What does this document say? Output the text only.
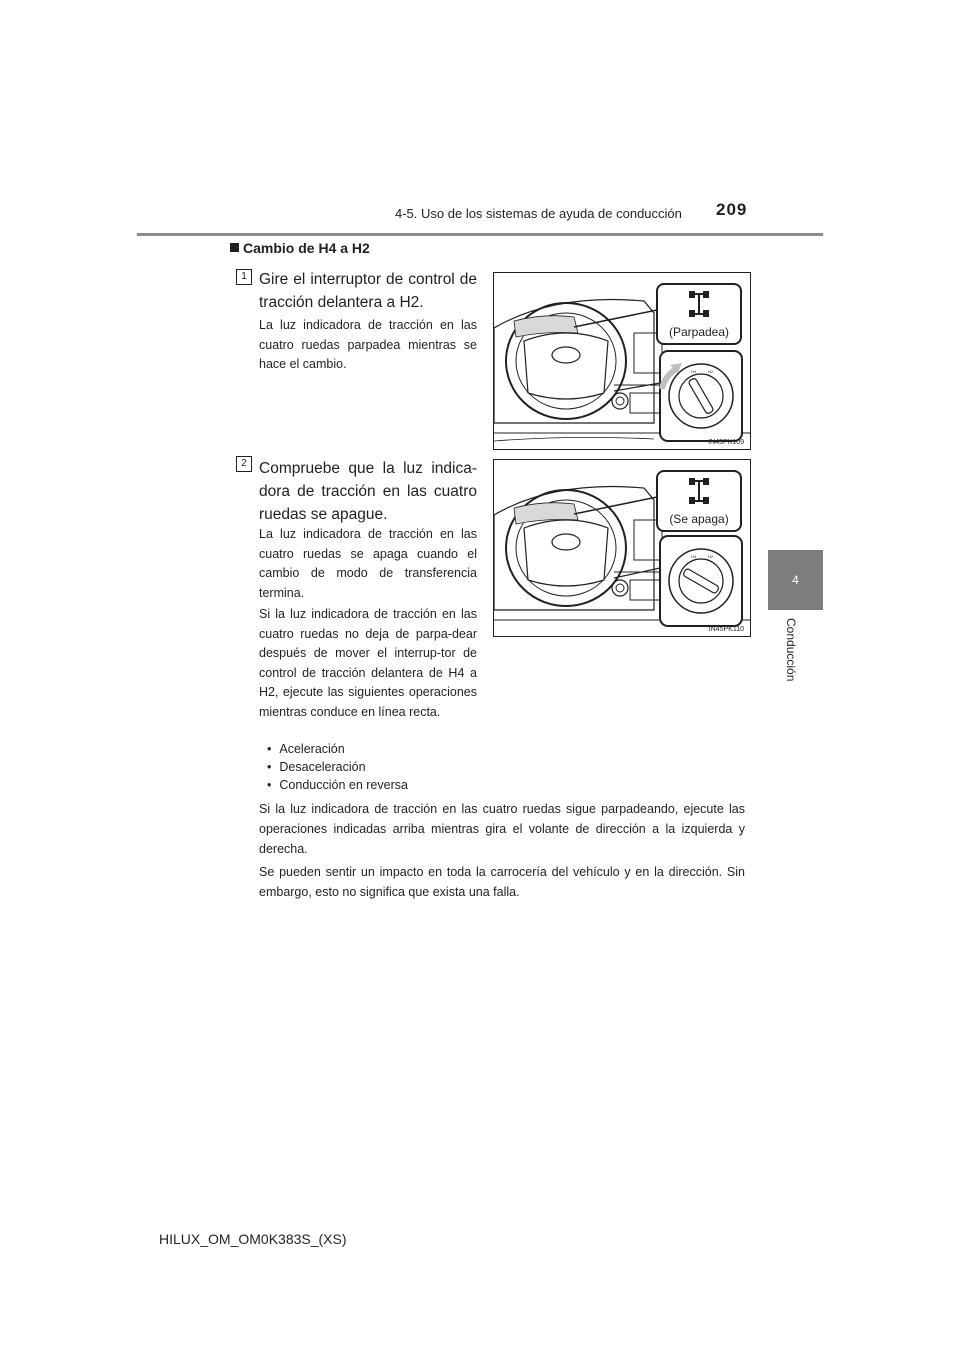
4-5. Uso de los sistemas de ayuda de conducción 209
4
Conducción
Cambio de H4 a H2
1 Gire el interruptor de control de tracción delantera a H2.
La luz indicadora de tracción en las cuatro ruedas parpadea mientras se hace el cambio.
H4	H2
(Parpadea)
IN45PK109
2 Compruebe que la luz indica-dora de tracción en las cuatro ruedas se apague.
La luz indicadora de tracción en las cuatro ruedas se apaga cuando el cambio de modo de transferencia termina.
Si la luz indicadora de tracción en las cuatro ruedas no deja de parpa-dear después de mover el interrup-tor de control de tracción delantera de H4 a H2, ejecute las siguientes operaciones mientras conduce en línea recta.
H4	H2
(Se apaga)
IN45PK110
• Aceleración
• Desaceleración
• Conducción en reversa
Si la luz indicadora de tracción en las cuatro ruedas sigue parpadeando, ejecute las operaciones indicadas arriba mientras gira el volante de dirección a la izquierda y derecha.
Se pueden sentir un impacto en toda la carrocería del vehículo y en la dirección. Sin embargo, esto no significa que exista una falla.
HILUX_OM_OM0K383S_(XS)
